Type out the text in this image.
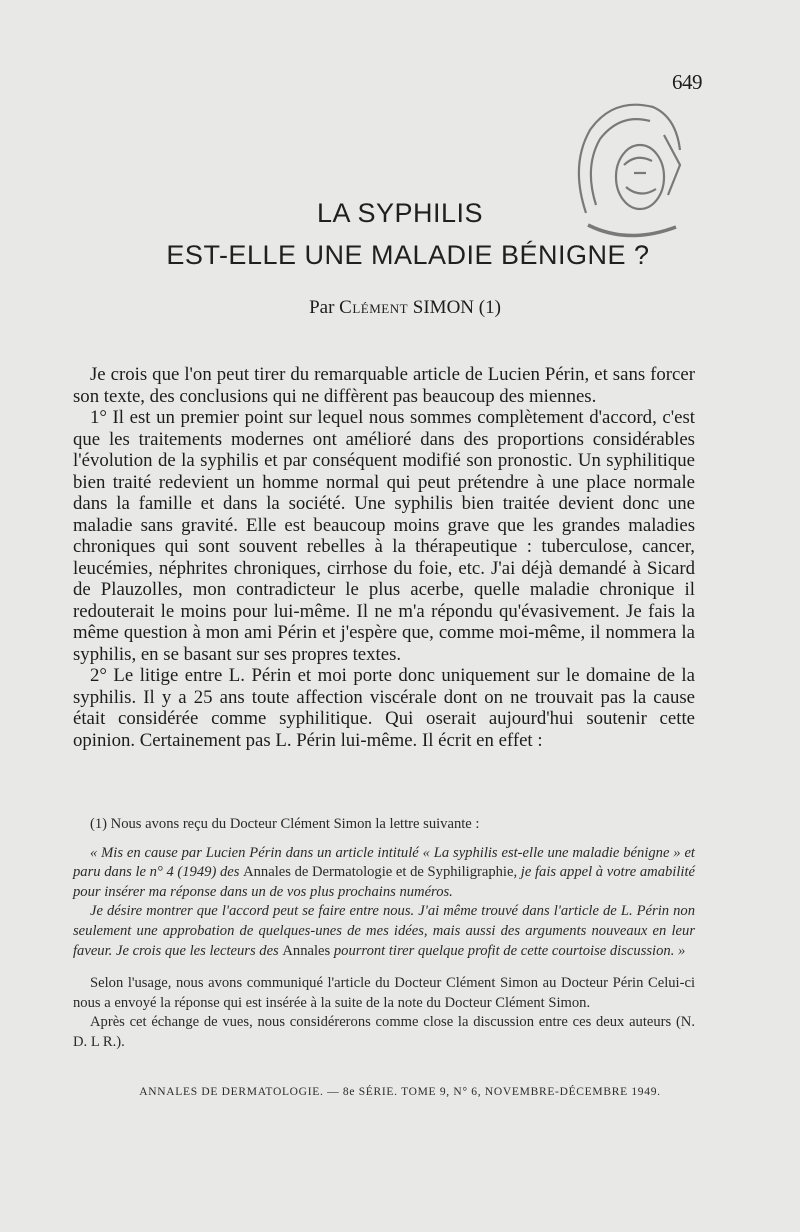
649
LA SYPHILIS
EST-ELLE UNE MALADIE BÉNIGNE ?
Par Clément SIMON (1)

Je crois que l'on peut tirer du remarquable article de Lucien Périn, et sans forcer son texte, des conclusions qui ne diffèrent pas beaucoup des miennes.

1° Il est un premier point sur lequel nous sommes complètement d'accord, c'est que les traitements modernes ont amélioré dans des proportions considérables l'évolution de la syphilis et par conséquent modifié son pronostic. Un syphilitique bien traité redevient un homme normal qui peut prétendre à une place normale dans la famille et dans la société. Une syphilis bien traitée devient donc une maladie sans gravité. Elle est beaucoup moins grave que les grandes maladies chroniques qui sont souvent rebelles à la thérapeutique : tuberculose, cancer, leucémies, néphrites chroniques, cirrhose du foie, etc. J'ai déjà demandé à Sicard de Plauzolles, mon contradicteur le plus acerbe, quelle maladie chronique il redouterait le moins pour lui-même. Il ne m'a répondu qu'évasivement. Je fais la même question à mon ami Périn et j'espère que, comme moi-même, il nommera la syphilis, en se basant sur ses propres textes.

2° Le litige entre L. Périn et moi porte donc uniquement sur le domaine de la syphilis. Il y a 25 ans toute affection viscérale dont on ne trouvait pas la cause était considérée comme syphilitique. Qui oserait aujourd'hui soutenir cette opinion. Certainement pas L. Périn lui-même. Il écrit en effet :

(1) Nous avons reçu du Docteur Clément Simon la lettre suivante :

« Mis en cause par Lucien Périn dans un article intitulé « La syphilis est-elle une maladie bénigne » et paru dans le n° 4 (1949) des Annales de Dermatologie et de Syphiligraphie, je fais appel à votre amabilité pour insérer ma réponse dans un de vos plus prochains numéros.

Je désire montrer que l'accord peut se faire entre nous. J'ai même trouvé dans l'article de L. Périn non seulement une approbation de quelques-unes de mes idées, mais aussi des arguments nouveaux en leur faveur. Je crois que les lecteurs des Annales pourront tirer quelque profit de cette courtoise discussion. »

Selon l'usage, nous avons communiqué l'article du Docteur Clément Simon au Docteur Périn Celui-ci nous a envoyé la réponse qui est insérée à la suite de la note du Docteur Clément Simon.

Après cet échange de vues, nous considérerons comme close la discussion entre ces deux auteurs (N. D. L R.).

ANNALES DE DERMATOLOGIE. — 8e SÉRIE. TOME 9, N° 6, NOVEMBRE-DÉCEMBRE 1949.
